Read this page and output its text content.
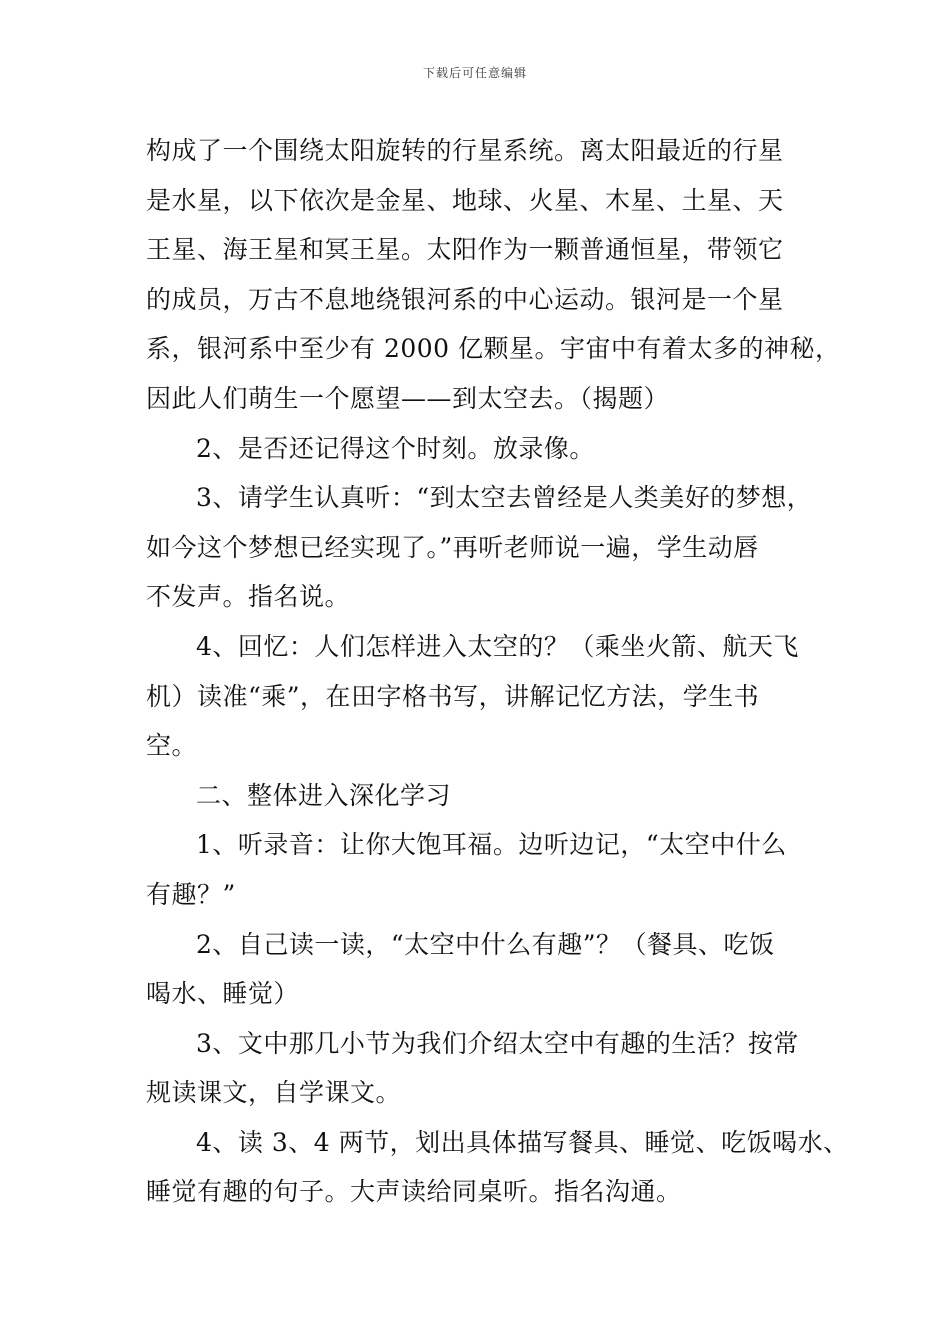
下载后可任意编辑
构成了一个围绕太阳旋转的行星系统。离太阳最近的行星
是水星，以下依次是金星、地球、火星、木星、土星、天
王星、海王星和冥王星。太阳作为一颗普通恒星，带领它
的成员，万古不息地绕银河系的中心运动。银河是一个星
系，银河系中至少有 2000 亿颗星。宇宙中有着太多的神秘，
因此人们萌生一个愿望——到太空去。（揭题）
2、是否还记得这个时刻。放录像。
3、请学生认真听：“到太空去曾经是人类美好的梦想，
如今这个梦想已经实现了。”再听老师说一遍，学生动唇
不发声。指名说。
4、回忆：人们怎样进入太空的？（乘坐火箭、航天飞
机）读准“乘”，在田字格书写，讲解记忆方法，学生书
空。
二、整体进入深化学习
1、听录音：让你大饱耳福。边听边记，“太空中什么
有趣？”
2、自己读一读，“太空中什么有趣”？（餐具、吃饭
喝水、睡觉）
3、文中那几小节为我们介绍太空中有趣的生活？按常
规读课文，自学课文。
4、读 3、4 两节，划出具体描写餐具、睡觉、吃饭喝水、
睡觉有趣的句子。大声读给同桌听。指名沟通。
